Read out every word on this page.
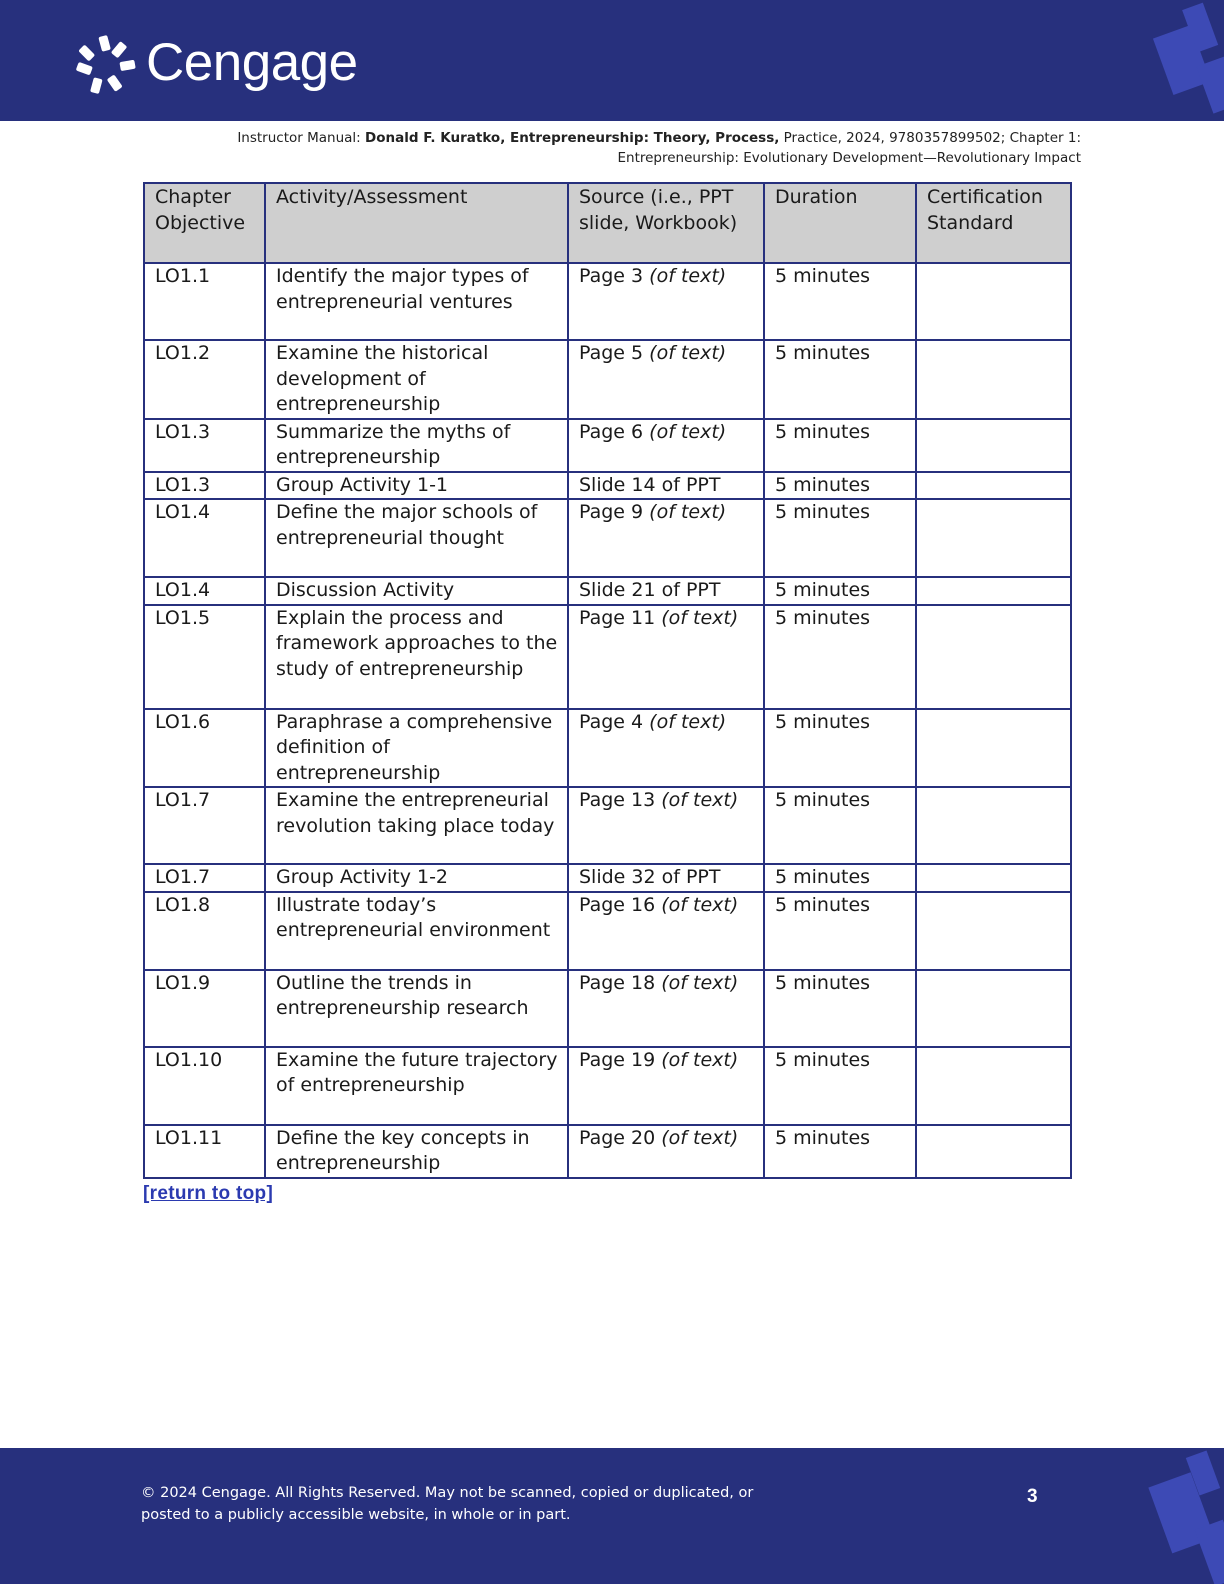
Cengage
Instructor Manual: Donald F. Kuratko, Entrepreneurship: Theory, Process, Practice, 2024, 9780357899502; Chapter 1:
Entrepreneurship: Evolutionary Development—Revolutionary Impact
Chapter Objective	Activity/Assessment	Source (i.e., PPT slide, Workbook)	Duration	Certification Standard
LO1.1	Identify the major types of entrepreneurial ventures	Page 3 (of text)	5 minutes	
LO1.2	Examine the historical development of entrepreneurship	Page 5 (of text)	5 minutes	
LO1.3	Summarize the myths of entrepreneurship	Page 6 (of text)	5 minutes	
LO1.3	Group Activity 1-1	Slide 14 of PPT	5 minutes	
LO1.4	Define the major schools of entrepreneurial thought	Page 9 (of text)	5 minutes	
LO1.4	Discussion Activity	Slide 21 of PPT	5 minutes	
LO1.5	Explain the process and framework approaches to the study of entrepreneurship	Page 11 (of text)	5 minutes	
LO1.6	Paraphrase a comprehensive definition of entrepreneurship	Page 4 (of text)	5 minutes	
LO1.7	Examine the entrepreneurial revolution taking place today	Page 13 (of text)	5 minutes	
LO1.7	Group Activity 1-2	Slide 32 of PPT	5 minutes	
LO1.8	Illustrate today’s entrepreneurial environment	Page 16 (of text)	5 minutes	
LO1.9	Outline the trends in entrepreneurship research	Page 18 (of text)	5 minutes	
LO1.10	Examine the future trajectory of entrepreneurship	Page 19 (of text)	5 minutes	
LO1.11	Define the key concepts in entrepreneurship	Page 20 (of text)	5 minutes	
[return to top]
© 2024 Cengage. All Rights Reserved. May not be scanned, copied or duplicated, or
posted to a publicly accessible website, in whole or in part.
3
